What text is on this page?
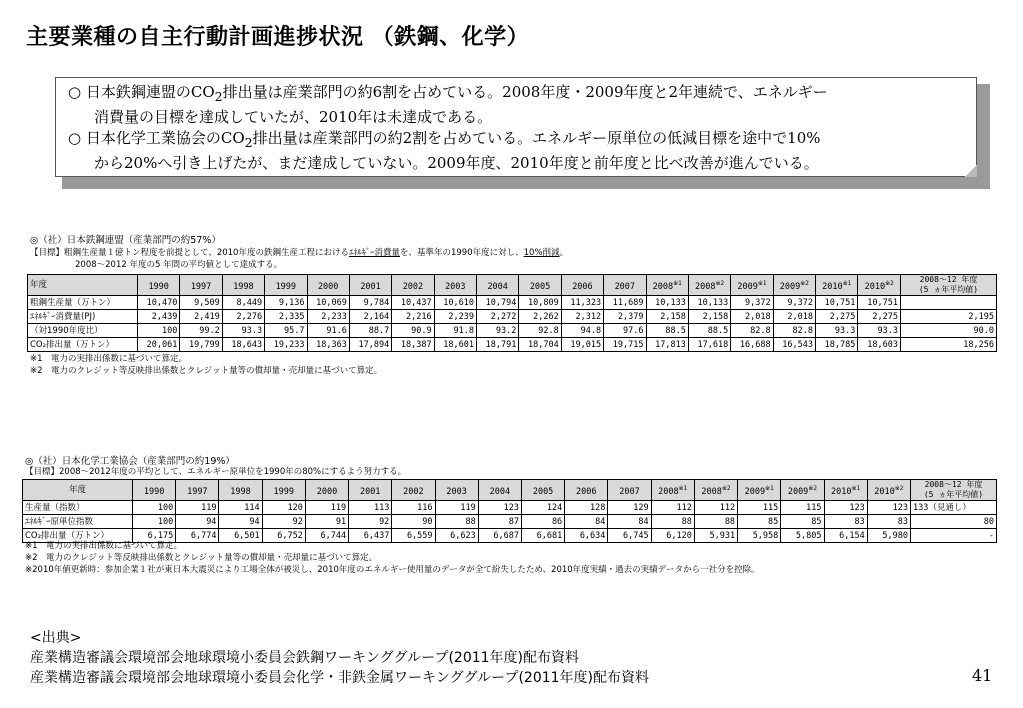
主要業種の自主行動計画進捗状況 （鉄鋼、化学）
○ 日本鉄鋼連盟の$CO_2$排出量は産業部門の約6割を占めている。2008年度・2009年度と2年連続で、エネルギー
消費量の目標を達成していたが、2010年は未達成である。
○ 日本化学工業協会の$CO_2$排出量は産業部門の約2割を占めている。エネルギー原単位の低減目標を途中で10%
から20%へ引き上げたが、まだ達成していない。2009年度、2010年度と前年度と比べ改善が進んでいる。
◎（社）日本鉄鋼連盟（産業部門の約57%）
【目標】粗鋼生産量１億トン程度を前提として、2010年度の鉄鋼生産工程におけるｴﾈﾙｷﾞｰ消費量を、基準年の1990年度に対し、10%削減。
2008～2012 年度の5 年間の平均値として達成する。
年度	1990	1997	1998	1999	2000	2001	2002	2003	2004	2005	2006	2007	2008$^{※1}$	2008$^{※2}$	2009$^{※1}$	2009$^{※2}$	2010$^{※1}$	2010$^{※2}$	2008～12 年度
(5 ヵ年平均値)

粗鋼生産量（万トン）	10,470	9,509	8,449	9,136	10,069	9,784	10,437	10,610	10,794	10,809	11,323	11,689	10,133	10,133	9,372	9,372	10,751	10,751	
ｴﾈﾙｷﾞｰ消費量(PJ)	2,439	2,419	2,276	2,335	2,233	2,164	2,216	2,239	2,272	2,262	2,312	2,379	2,158	2,158	2,018	2,018	2,275	2,275	2,195
（対1990年度比）	100	99.2	93.3	95.7	91.6	88.7	90.9	91.8	93.2	92.8	94.8	97.6	88.5	88.5	82.8	82.8	93.3	93.3	90.0
CO₂排出量（万トン）	20,061	19,799	18,643	19,233	18,363	17,894	18,387	18,601	18,791	18,704	19,015	19,715	17,813	17,618	16,688	16,543	18,785	18,603	18,256
※1　電力の実排出係数に基づいて算定。
※2　電力のクレジット等反映排出係数とクレジット量等の償却量・売却量に基づいて算定。
◎（社）日本化学工業協会（産業部門の約19%）
【目標】2008～2012年度の平均として、エネルギー原単位を1990年の80%にするよう努力する。
年度	1990	1997	1998	1999	2000	2001	2002	2003	2004	2005	2006	2007	2008$^{※1}$	2008$^{※2}$	2009$^{※1}$	2009$^{※2}$	2010$^{※1}$	2010$^{※2}$	2008～12 年度
(5 ヵ年平均値)

生産量（指数）	100	119	114	120	119	113	116	119	123	124	128	129	112	112	115	115	123	123	133（見通し）
ｴﾈﾙｷﾞｰ原単位指数	100	94	94	92	91	92	90	88	87	86	84	84	88	88	85	85	83	83	80
CO₂排出量（万トン）	6,175	6,774	6,501	6,752	6,744	6,437	6,559	6,623	6,687	6,681	6,634	6,745	6,120	5,931	5,958	5,805	6,154	5,980	-
※1　電力の実排出係数に基づいて算定。
※2　電力のクレジット等反映排出係数とクレジット量等の償却量・売却量に基づいて算定。
※2010年値更新時：参加企業１社が東日本大震災により工場全体が被災し、2010年度のエネルギー使用量のデータが全て紛失したため、2010年度実績・過去の実績データから一社分を控除。
<出典>
産業構造審議会環境部会地球環境小委員会鉄鋼ワーキンググループ(2011年度)配布資料
産業構造審議会環境部会地球環境小委員会化学・非鉄金属ワーキンググループ(2011年度)配布資料	41
